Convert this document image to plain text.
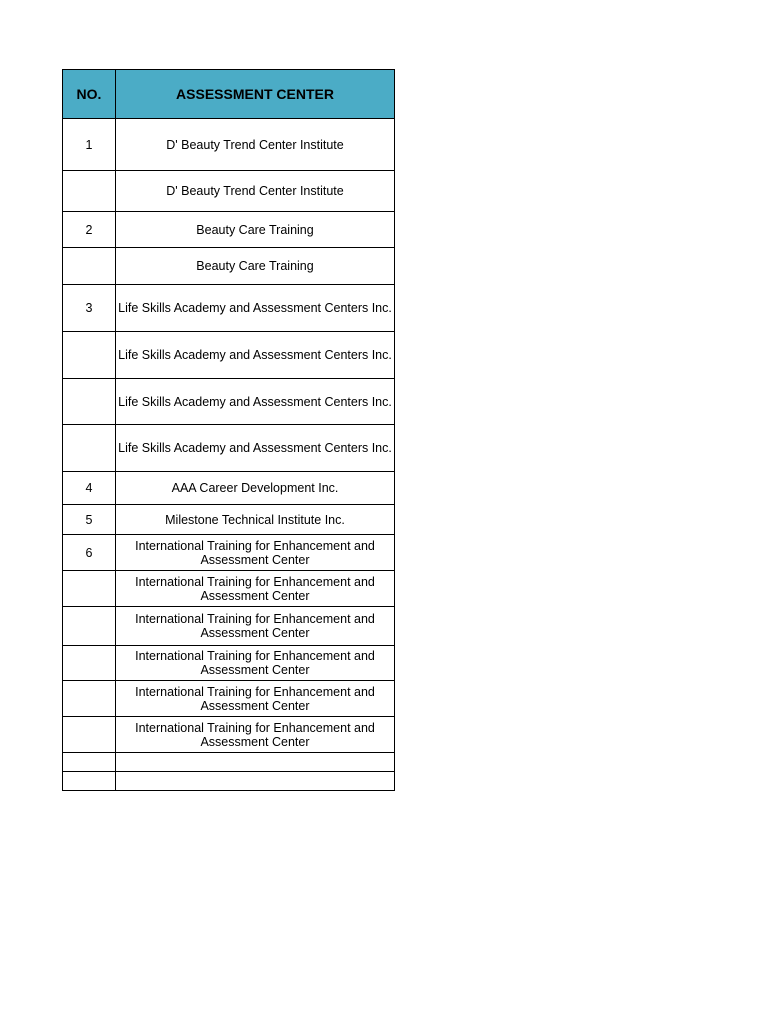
NO.	ASSESSMENT CENTER
1	D' Beauty Trend Center Institute
	D' Beauty Trend Center Institute
2	Beauty Care Training
	Beauty Care Training
3	Life Skills Academy and Assessment Centers Inc.
	Life Skills Academy and Assessment Centers Inc.
	Life Skills Academy and Assessment Centers Inc.
	Life Skills Academy and Assessment Centers Inc.
4	AAA Career Development Inc.
5	Milestone Technical Institute Inc.
6	International Training for Enhancement and Assessment Center
	International Training for Enhancement and Assessment Center
	International Training for Enhancement and Assessment Center
	International Training for Enhancement and Assessment Center
	International Training for Enhancement and Assessment Center
	International Training for Enhancement and Assessment Center
